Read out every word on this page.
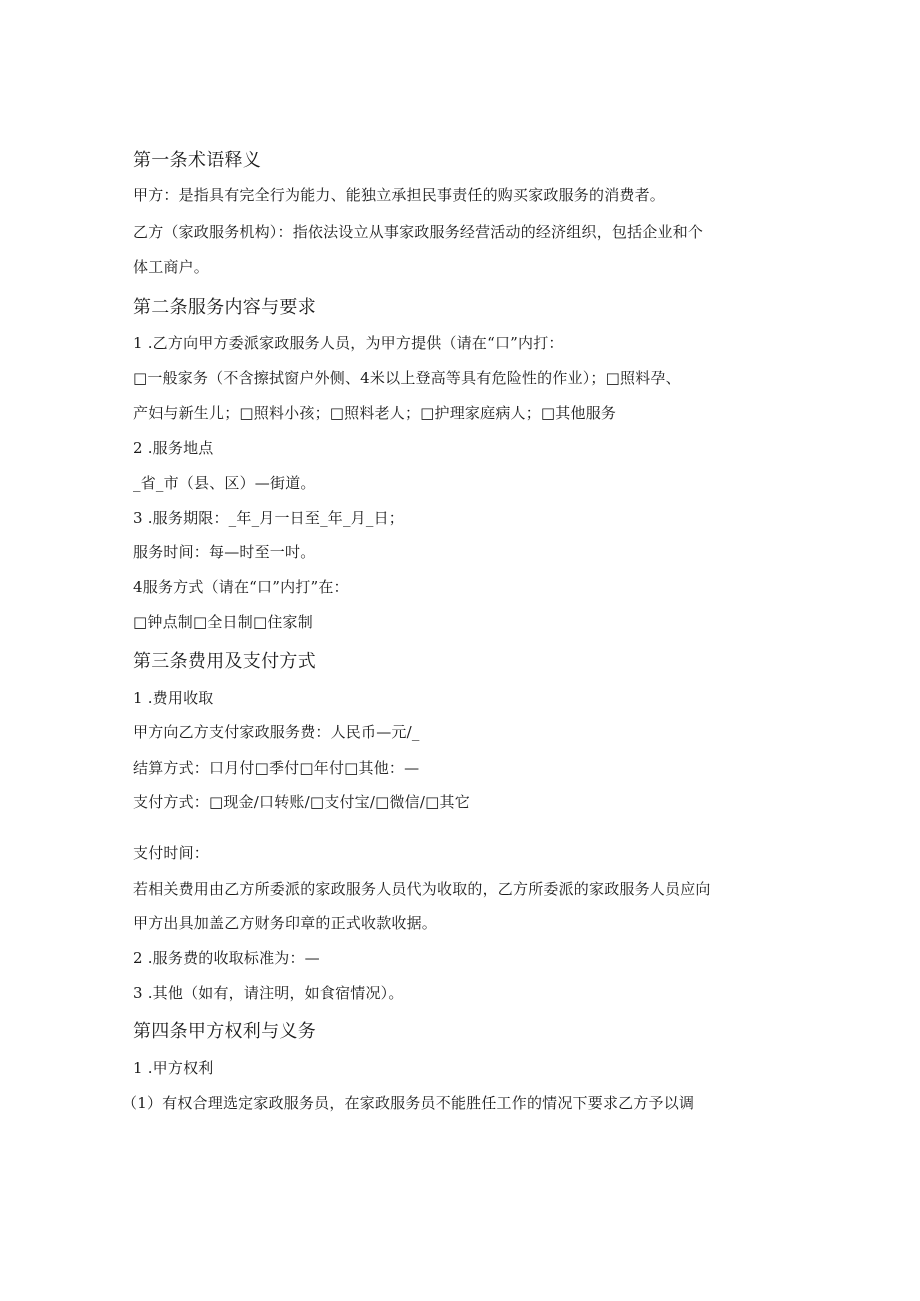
第一条术语释义
甲方：是指具有完全行为能力、能独立承担民事责任的购买家政服务的消费者。
乙方（家政服务机构）：指依法设立从事家政服务经营活动的经济组织，包括企业和个
体工商户。
第二条服务内容与要求
1 .乙方向甲方委派家政服务人员，为甲方提供（请在“口”内打：
□一般家务（不含擦拭窗户外侧、4米以上登高等具有危险性的作业）；□照料孕、
产妇与新生儿；□照料小孩；□照料老人；□护理家庭病人；□其他服务
2 .服务地点
_省_市（县、区）—街道。
3 .服务期限：_年_月一日至_年_月_日；
服务时间：每—时至一吋。
4服务方式（请在“口”内打”在：
□钟点制□全日制□住家制
第三条费用及支付方式
1 .费用收取
甲方向乙方支付家政服务费：人民币—元/_
结算方式：口月付□季付□年付□其他：—
支付方式：□现金/口转账/□支付宝/□微信/□其它
支付时间：
若相关费用由乙方所委派的家政服务人员代为收取的，乙方所委派的家政服务人员应向
甲方出具加盖乙方财务印章的正式收款收据。
2 .服务费的收取标准为：—
3 .其他（如有，请注明，如食宿情况）。
第四条甲方权利与义务
1 .甲方权利
（1）有权合理选定家政服务员，在家政服务员不能胜任工作的情况下要求乙方予以调
